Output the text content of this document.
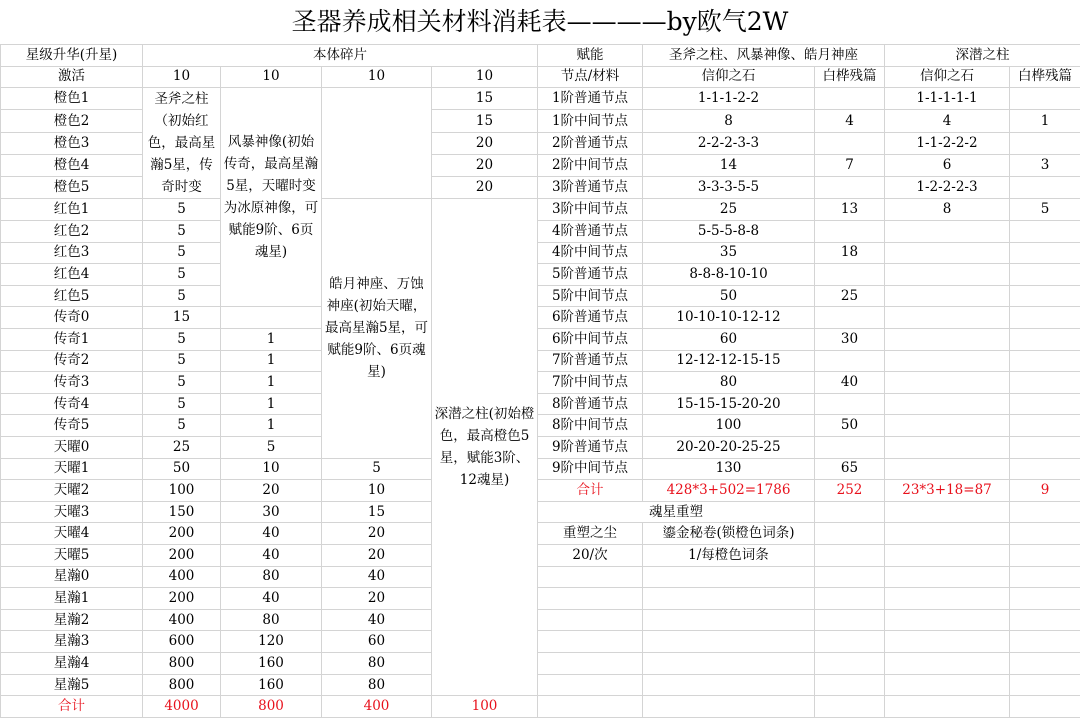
圣器养成相关材料消耗表————by欧气2W
星级升华(升星)	本体碎片				赋能	圣斧之柱、风暴神像、皓月神座		深潜之柱	
激活	10	10	10	10	节点/材料	信仰之石	白桦残篇	信仰之石	白桦残篇
橙色1	圣斧之柱（初始红色，最高星瀚5星，传奇时变	风暴神像(初始传奇，最高星瀚5星，天曜时变为冰原神像，可赋能9阶、6页魂星)		15	1阶普通节点	1-1-1-2-2		1-1-1-1-1	
橙色2				15	1阶中间节点	8	4	4	1
橙色3				20	2阶普通节点	2-2-2-3-3		1-1-2-2-2	
橙色4				20	2阶中间节点	14	7	6	3
橙色5				20	3阶普通节点	3-3-3-5-5		1-2-2-2-3	
红色1	5		皓月神座、万蚀神座(初始天曜，最高星瀚5星，可赋能9阶、6页魂星)	深潜之柱(初始橙色，最高橙色5星，赋能3阶、12魂星)	3阶中间节点	25	13	8	5
红色2	5				4阶普通节点	5-5-5-8-8			
红色3	5				4阶中间节点	35	18		
红色4	5				5阶普通节点	8-8-8-10-10			
红色5	5				5阶中间节点	50	25		
传奇0	15				6阶普通节点	10-10-10-12-12			
传奇1	5	1			6阶中间节点	60	30		
传奇2	5	1			7阶普通节点	12-12-12-15-15			
传奇3	5	1			7阶中间节点	80	40		
传奇4	5	1			8阶普通节点	15-15-15-20-20			
传奇5	5	1			8阶中间节点	100	50		
天曜0	25	5			9阶普通节点	20-20-20-25-25			
天曜1	50	10	5		9阶中间节点	130	65		
天曜2	100	20	10		合计	428*3+502=1786	252	23*3+18=87	9
天曜3	150	30	15		魂星重塑				
天曜4	200	40	20		重塑之尘	鎏金秘卷(锁橙色词条)			
天曜5	200	40	20		20/次	1/每橙色词条			
星瀚0	400	80	40						
星瀚1	200	40	20						
星瀚2	400	80	40						
星瀚3	600	120	60						
星瀚4	800	160	80						
星瀚5	800	160	80						
合计	4000	800	400	100					
